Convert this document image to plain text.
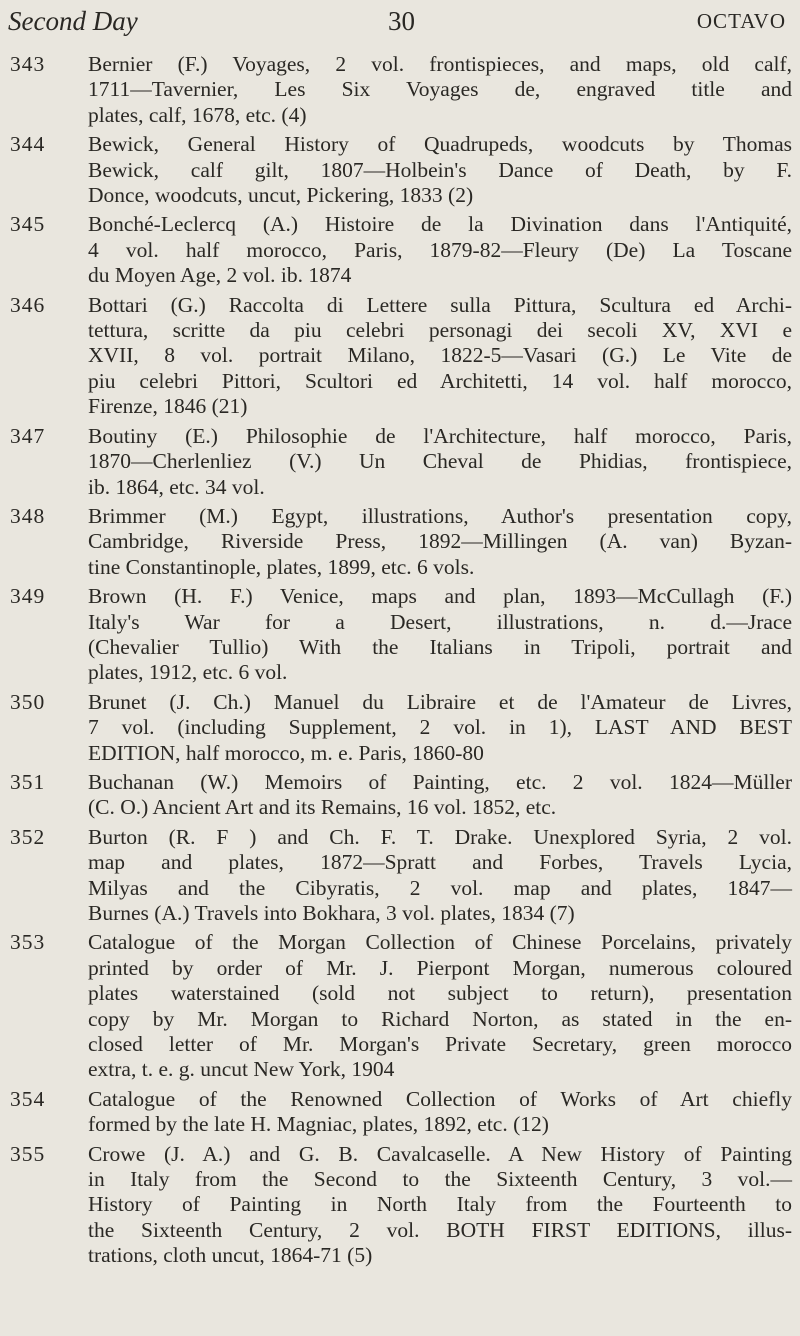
Second Day	30	OCTAVO
343	Bernier (F.) Voyages, 2 vol. frontispieces, and maps, old calf,
1711—Tavernier, Les Six Voyages de, engraved title and
plates, calf, 1678, etc. (4)
344	Bewick, General History of Quadrupeds, woodcuts by Thomas
Bewick, calf gilt, 1807—Holbein's Dance of Death, by F.
Donce, woodcuts, uncut, Pickering, 1833 (2)
345	Bonché-Leclercq (A.) Histoire de la Divination dans l'Antiquité,
4 vol. half morocco, Paris, 1879-82—Fleury (De) La Toscane
du Moyen Age, 2 vol. ib. 1874
346	Bottari (G.) Raccolta di Lettere sulla Pittura, Scultura ed Archi-
tettura, scritte da piu celebri personagi dei secoli XV, XVI e
XVII, 8 vol. portrait Milano, 1822-5—Vasari (G.) Le Vite de
piu celebri Pittori, Scultori ed Architetti, 14 vol. half morocco,
Firenze, 1846 (21)
347	Boutiny (E.) Philosophie de l'Architecture, half morocco, Paris,
1870—Cherlenliez (V.) Un Cheval de Phidias, frontispiece,
ib. 1864, etc. 34 vol.
348	Brimmer (M.) Egypt, illustrations, Author's presentation copy,
Cambridge, Riverside Press, 1892—Millingen (A. van) Byzan-
tine Constantinople, plates, 1899, etc. 6 vols.
349	Brown (H. F.) Venice, maps and plan, 1893—McCullagh (F.)
Italy's War for a Desert, illustrations, n. d.—Jrace
(Chevalier Tullio) With the Italians in Tripoli, portrait and
plates, 1912, etc. 6 vol.
350	Brunet (J. Ch.) Manuel du Libraire et de l'Amateur de Livres,
7 vol. (including Supplement, 2 vol. in 1), LAST AND BEST
EDITION, half morocco, m. e. Paris, 1860-80
351	Buchanan (W.) Memoirs of Painting, etc. 2 vol. 1824—Müller
(C. O.) Ancient Art and its Remains, 16 vol. 1852, etc.
352	Burton (R. F ) and Ch. F. T. Drake. Unexplored Syria, 2 vol.
map and plates, 1872—Spratt and Forbes, Travels Lycia,
Milyas and the Cibyratis, 2 vol. map and plates, 1847—
Burnes (A.) Travels into Bokhara, 3 vol. plates, 1834 (7)
353	Catalogue of the Morgan Collection of Chinese Porcelains, privately
printed by order of Mr. J. Pierpont Morgan, numerous coloured
plates waterstained (sold not subject to return), presentation
copy by Mr. Morgan to Richard Norton, as stated in the en-
closed letter of Mr. Morgan's Private Secretary, green morocco
extra, t. e. g. uncut New York, 1904
354	Catalogue of the Renowned Collection of Works of Art chiefly
formed by the late H. Magniac, plates, 1892, etc. (12)
355	Crowe (J. A.) and G. B. Cavalcaselle. A New History of Painting
in Italy from the Second to the Sixteenth Century, 3 vol.—
History of Painting in North Italy from the Fourteenth to
the Sixteenth Century, 2 vol. BOTH FIRST EDITIONS, illus-
trations, cloth uncut, 1864-71 (5)
